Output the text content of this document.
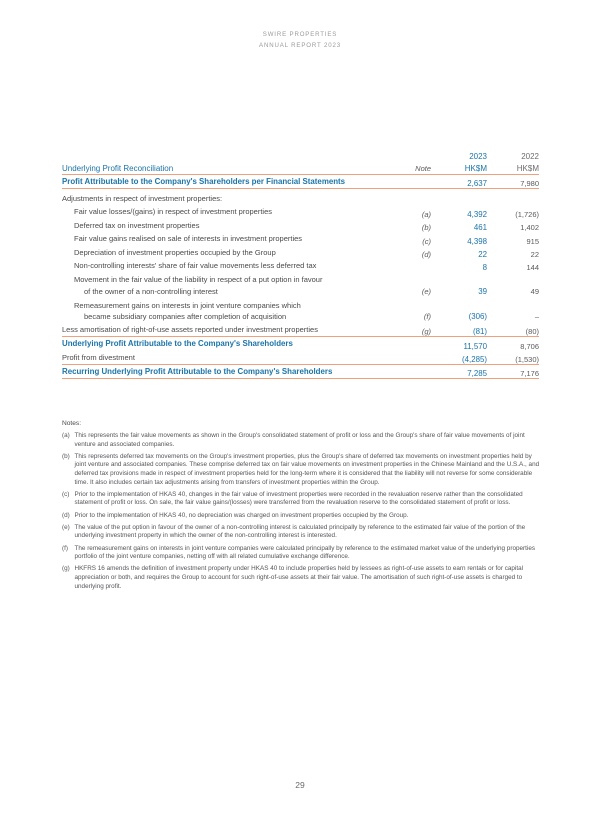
SWIRE PROPERTIES
ANNUAL REPORT 2023
		2023	2022
Underlying Profit Reconciliation	Note	HK$M	HK$M
Profit Attributable to the Company's Shareholders per Financial Statements		2,637	7,980
Adjustments in respect of investment properties:			
Fair value losses/(gains) in respect of investment properties	(a)	4,392	(1,726)
Deferred tax on investment properties	(b)	461	1,402
Fair value gains realised on sale of interests in investment properties	(c)	4,398	915
Depreciation of investment properties occupied by the Group	(d)	22	22
Non-controlling interests' share of fair value movements less deferred tax		8	144
Movement in the fair value of the liability in respect of a put option in favour
of the owner of a non-controlling interest	(e)	39	49
Remeasurement gains on interests in joint venture companies which
became subsidiary companies after completion of acquisition	(f)	(306)	–
Less amortisation of right-of-use assets reported under investment properties	(g)	(81)	(80)
Underlying Profit Attributable to the Company's Shareholders		11,570	8,706
Profit from divestment		(4,285)	(1,530)
Recurring Underlying Profit Attributable to the Company's Shareholders		7,285	7,176
Notes:
(a) This represents the fair value movements as shown in the Group's consolidated statement of profit or loss and the Group's share of fair value movements of joint venture and associated companies.
(b) This represents deferred tax movements on the Group's investment properties, plus the Group's share of deferred tax movements on investment properties held by joint venture and associated companies. These comprise deferred tax on fair value movements on investment properties in the Chinese Mainland and the U.S.A., and deferred tax provisions made in respect of investment properties held for the long-term where it is considered that the liability will not reverse for some considerable time. It also includes certain tax adjustments arising from transfers of investment properties within the Group.
(c) Prior to the implementation of HKAS 40, changes in the fair value of investment properties were recorded in the revaluation reserve rather than the consolidated statement of profit or loss. On sale, the fair value gains/(losses) were transferred from the revaluation reserve to the consolidated statement of profit or loss.
(d) Prior to the implementation of HKAS 40, no depreciation was charged on investment properties occupied by the Group.
(e) The value of the put option in favour of the owner of a non-controlling interest is calculated principally by reference to the estimated fair value of the portion of the underlying investment property in which the owner of the non-controlling interest is interested.
(f)	The remeasurement gains on interests in joint venture companies were calculated principally by reference to the estimated market value of the underlying properties portfolio of the joint venture companies, netting off with all related cumulative exchange difference.
(g) HKFRS 16 amends the definition of investment property under HKAS 40 to include properties held by lessees as right-of-use assets to earn rentals or for capital appreciation or both, and requires the Group to account for such right-of-use assets at their fair value. The amortisation of such right-of-use assets is charged to underlying profit.
29
